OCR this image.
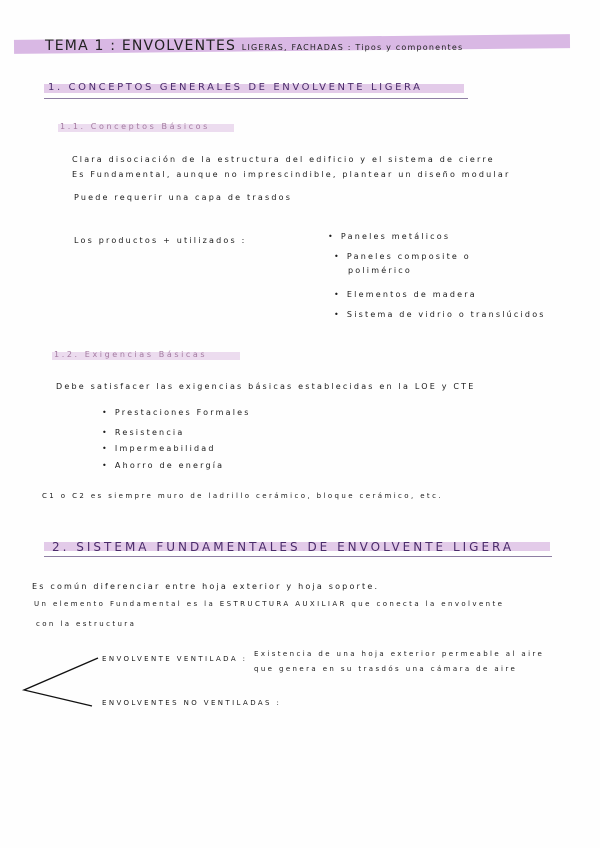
TEMA 1 : ENVOLVENTES LIGERAS, FACHADAS : Tipos y componentes
1. CONCEPTOS GENERALES DE ENVOLVENTE LIGERA
1.1. Conceptos Básicos
Clara disociación de la estructura del edificio y el sistema de cierre
Es Fundamental, aunque no imprescindible, plantear un diseño modular
Puede requerir una capa de trasdos
Los productos + utilizados :
•	Paneles metálicos
• Paneles composite o
polimérico
• Elementos de madera
• Sistema de vidrio o translúcidos
1.2. Exigencias Básicas
Debe satisfacer las exigencias básicas establecidas en la LOE y CTE
• Prestaciones Formales
• Resistencia
• Impermeabilidad
• Ahorro de energía
C1 o C2 es siempre muro de ladrillo cerámico, bloque cerámico, etc.
2. SISTEMA FUNDAMENTALES DE ENVOLVENTE LIGERA
Es común diferenciar entre hoja exterior y hoja soporte.
Un elemento Fundamental es la ESTRUCTURA AUXILIAR que conecta la envolvente
con la estructura
ENVOLVENTE VENTILADA :
Existencia de una hoja exterior permeable al aire
que genera en su trasdós una cámara de aire
ENVOLVENTES NO VENTILADAS :
